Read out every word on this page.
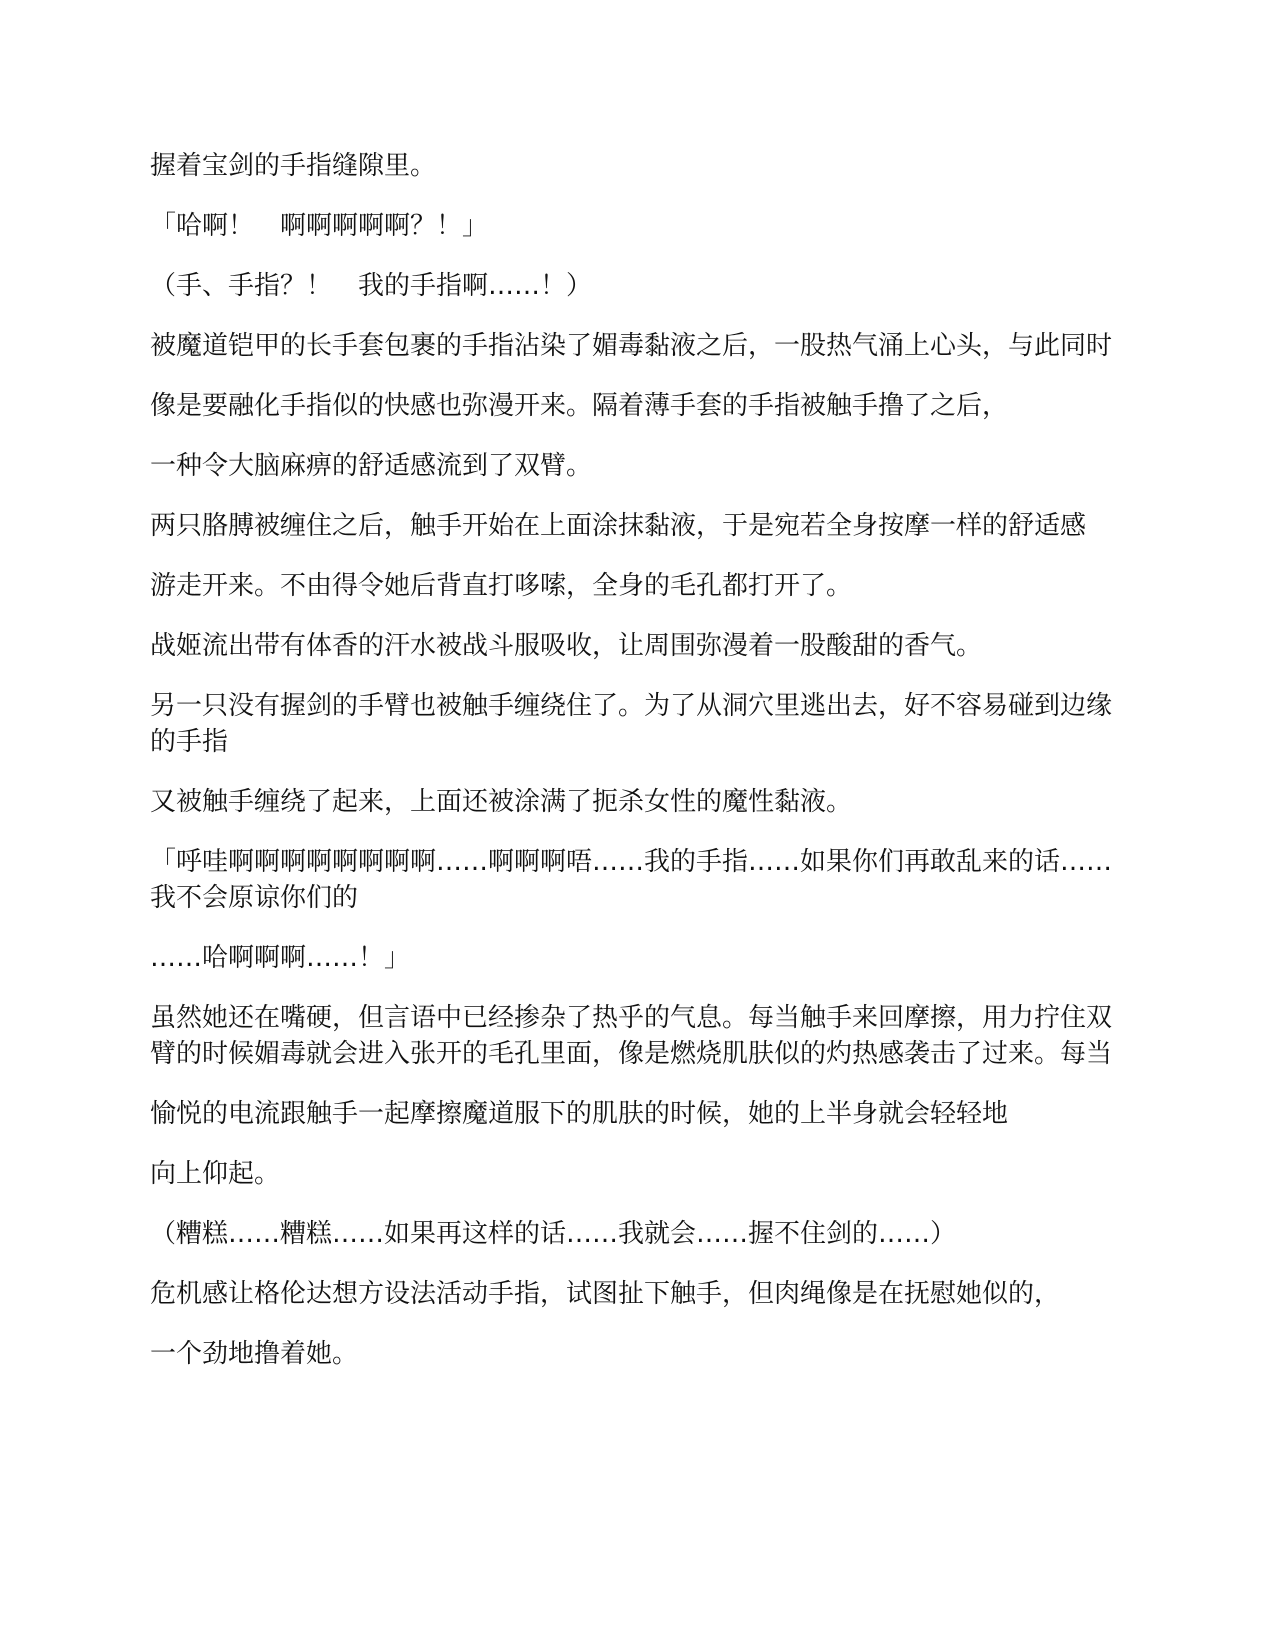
握着宝剑的手指缝隙里。

「哈啊！　啊啊啊啊啊？！」

（手、手指？！　我的手指啊……！）

被魔道铠甲的长手套包裹的手指沾染了媚毒黏液之后，一股热气涌上心头，与此同时

像是要融化手指似的快感也弥漫开来。隔着薄手套的手指被触手撸了之后，

一种令大脑麻痹的舒适感流到了双臂。

两只胳膊被缠住之后，触手开始在上面涂抹黏液，于是宛若全身按摩一样的舒适感

游走开来。不由得令她后背直打哆嗦，全身的毛孔都打开了。

战姬流出带有体香的汗水被战斗服吸收，让周围弥漫着一股酸甜的香气。

另一只没有握剑的手臂也被触手缠绕住了。为了从洞穴里逃出去，好不容易碰到边缘的手指

又被触手缠绕了起来，上面还被涂满了扼杀女性的魔性黏液。

「呼哇啊啊啊啊啊啊啊啊……啊啊啊唔……我的手指……如果你们再敢乱来的话……我不会原谅你们的

……哈啊啊啊……！」

虽然她还在嘴硬，但言语中已经掺杂了热乎的气息。每当触手来回摩擦，用力拧住双臂的时候媚毒就会进入张开的毛孔里面，像是燃烧肌肤似的灼热感袭击了过来。每当

愉悦的电流跟触手一起摩擦魔道服下的肌肤的时候，她的上半身就会轻轻地

向上仰起。

（糟糕……糟糕……如果再这样的话……我就会……握不住剑的……）

危机感让格伦达想方设法活动手指，试图扯下触手，但肉绳像是在抚慰她似的，

一个劲地撸着她。
